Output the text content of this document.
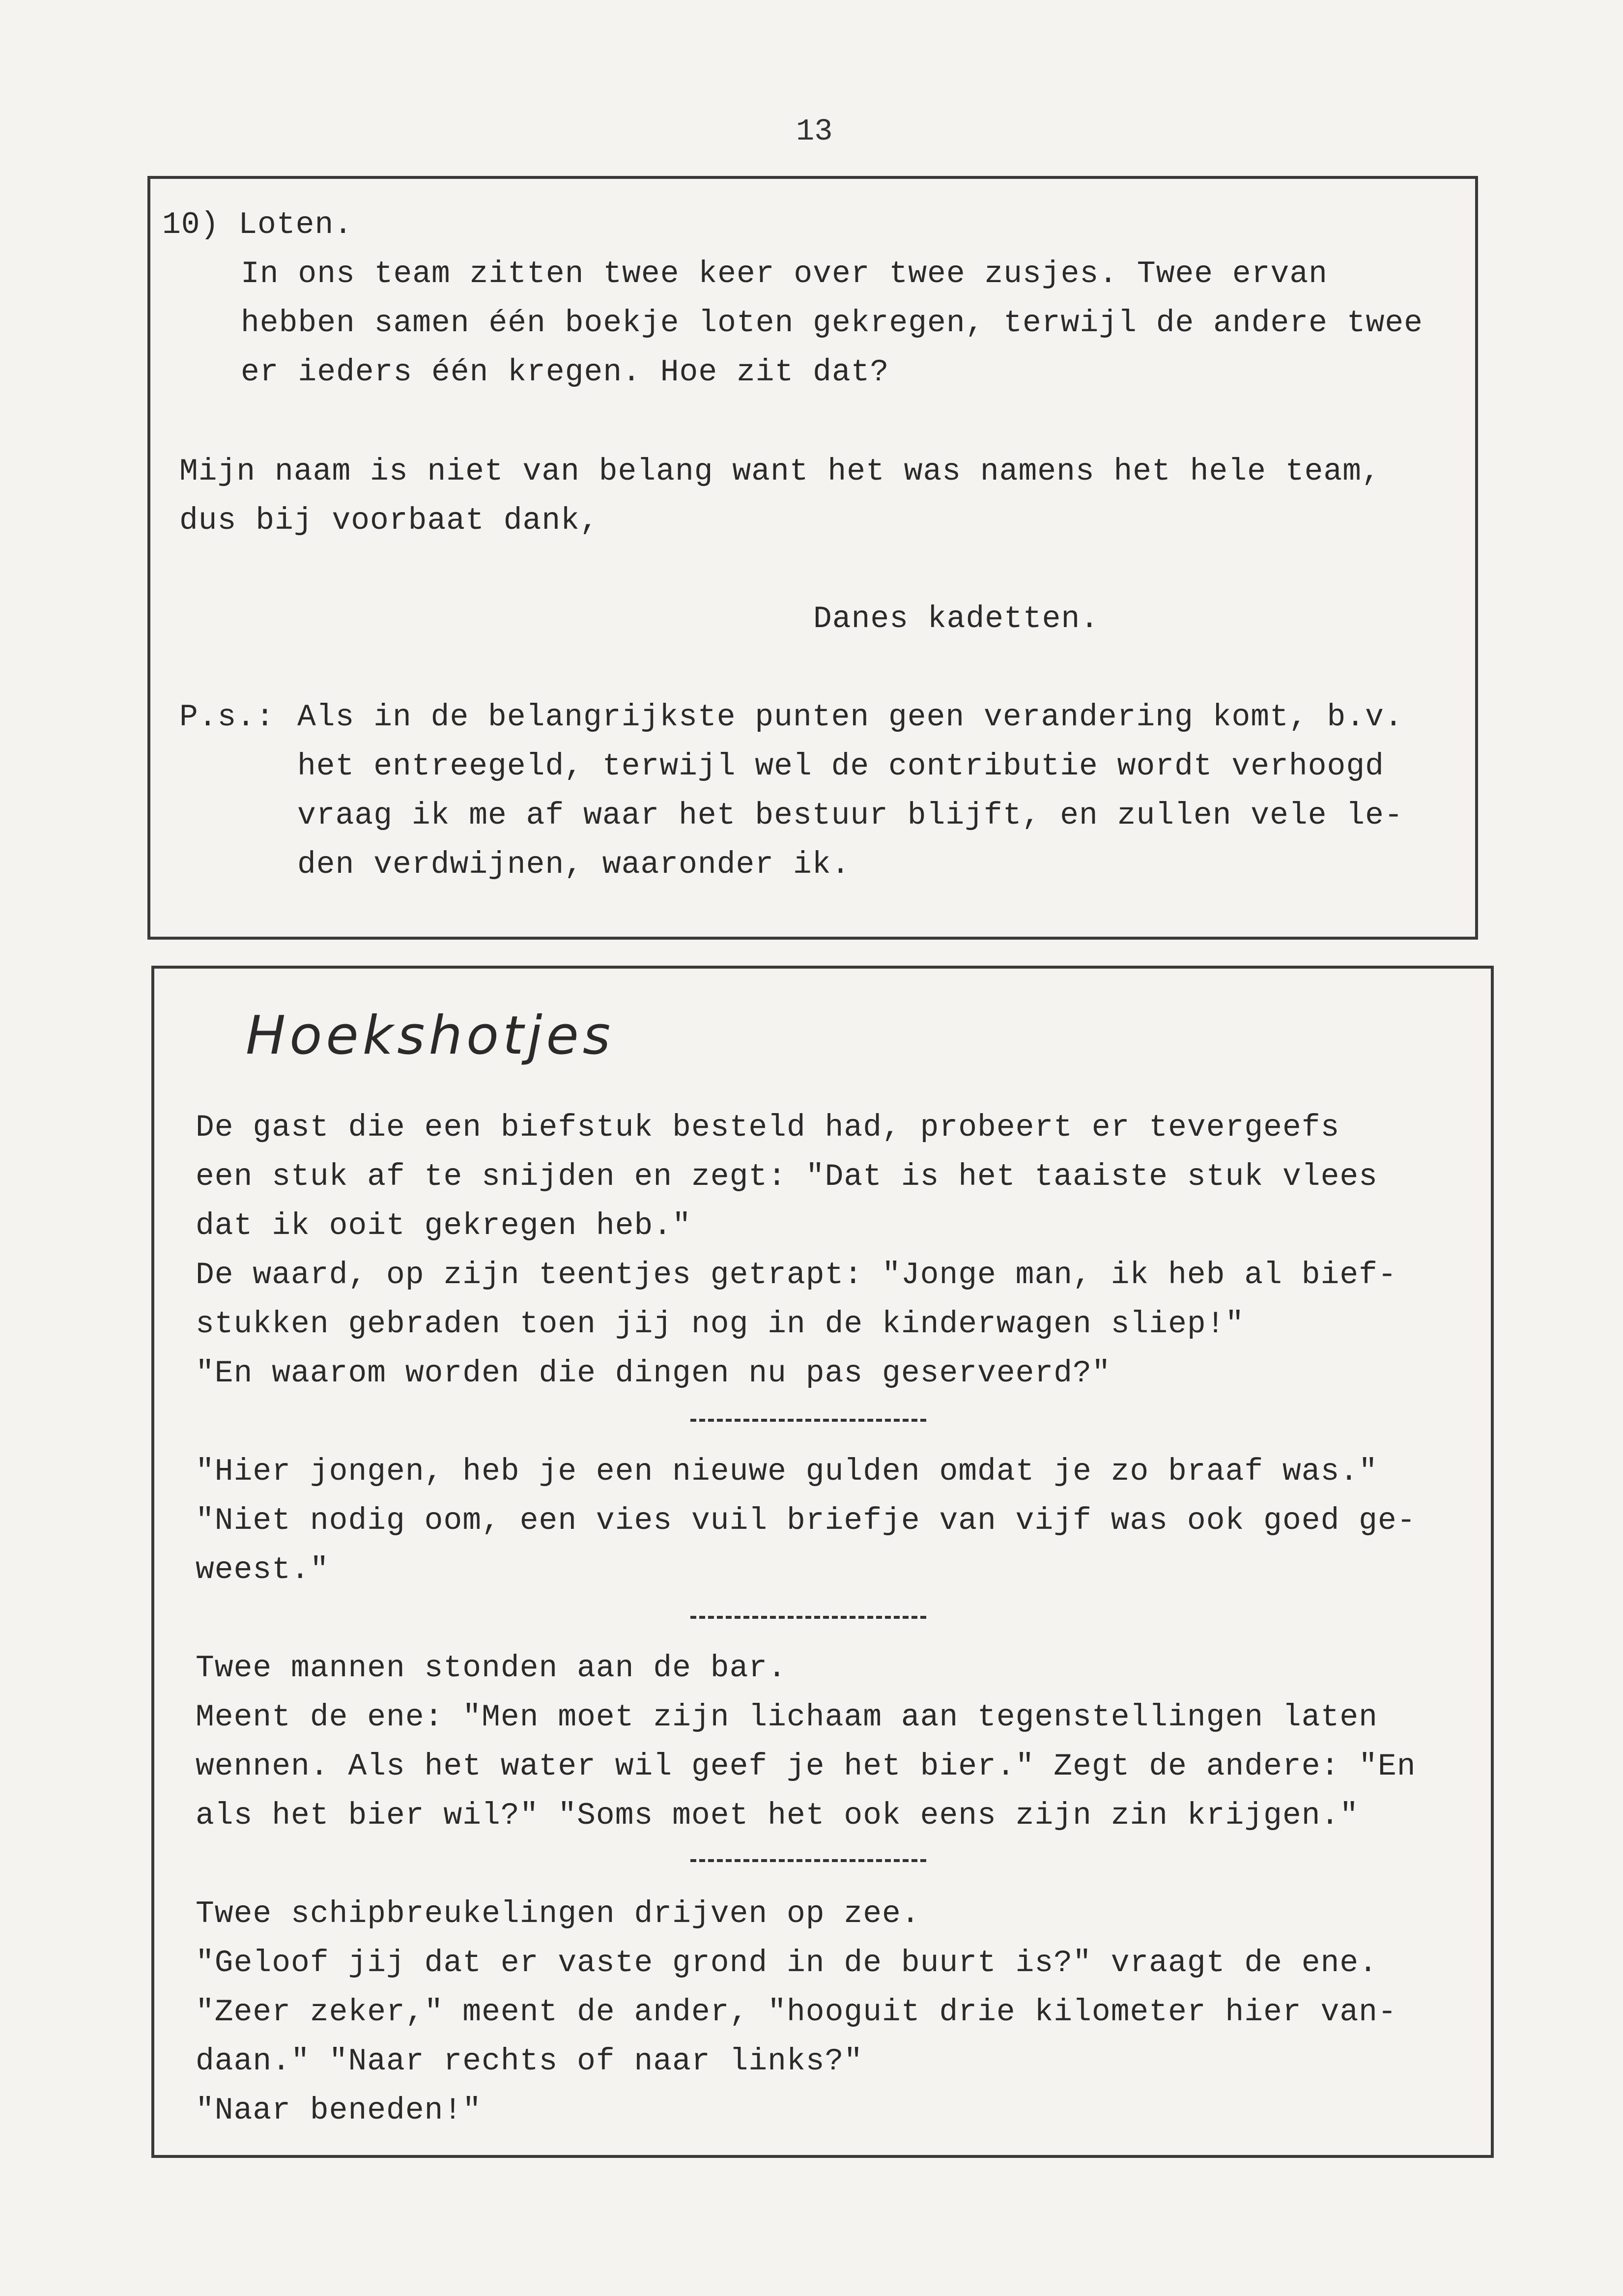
13
10) Loten.
In ons team zitten twee keer over twee zusjes. Twee ervan
hebben samen één boekje loten gekregen, terwijl de andere twee
er ieders één kregen. Hoe zit dat?
Mijn naam is niet van belang want het was namens het hele team,
dus bij voorbaat dank,
Danes kadetten.
P.s.: Als in de belangrijkste punten geen verandering komt, b.v.
het entreegeld, terwijl wel de contributie wordt verhoogd
vraag ik me af waar het bestuur blijft, en zullen vele le-
den verdwijnen, waaronder ik.
Hoekshotjes
De gast die een biefstuk besteld had, probeert er tevergeefs
een stuk af te snijden en zegt: "Dat is het taaiste stuk vlees
dat ik ooit gekregen heb."
De waard, op zijn teentjes getrapt: "Jonge man, ik heb al bief-
stukken gebraden toen jij nog in de kinderwagen sliep!"
"En waarom worden die dingen nu pas geserveerd?"
"Hier jongen, heb je een nieuwe gulden omdat je zo braaf was."
"Niet nodig oom, een vies vuil briefje van vijf was ook goed ge-
weest."
Twee mannen stonden aan de bar.
Meent de ene: "Men moet zijn lichaam aan tegenstellingen laten
wennen. Als het water wil geef je het bier." Zegt de andere: "En
als het bier wil?" "Soms moet het ook eens zijn zin krijgen."
Twee schipbreukelingen drijven op zee.
"Geloof jij dat er vaste grond in de buurt is?" vraagt de ene.
"Zeer zeker," meent de ander, "hooguit drie kilometer hier van-
daan." "Naar rechts of naar links?"
"Naar beneden!"
